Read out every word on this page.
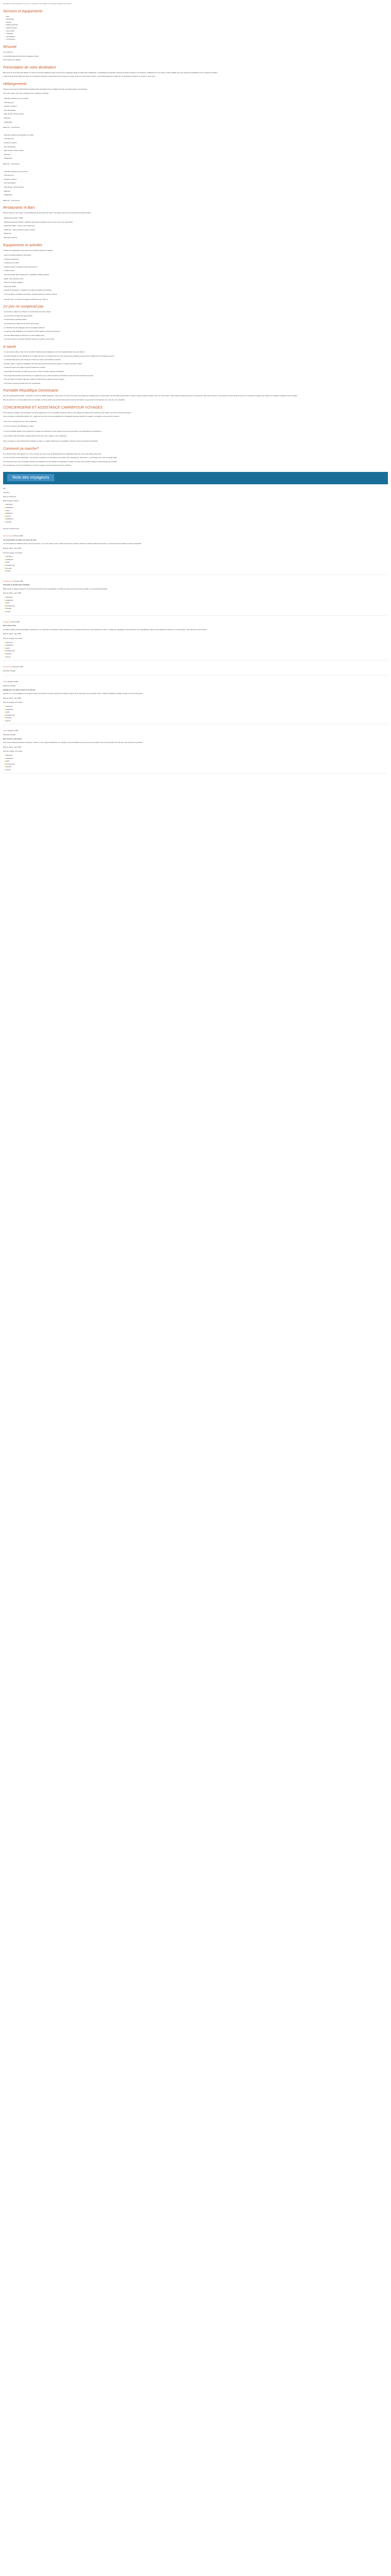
Description Ce joli campanel / Ce prix en comparé au Formalités Conciergerie Liguthieu Auto Client
Services et équipements
✓ Wifi
✓ Restaurant
✓ Piscine
✓ Parking extérieur
✓ Salle de fitness
✓ Club enfant
✓ Télévision
✓ Climatisation
✓ Conciergerie
Résumé

Les 3 piscines

La très belle plage de Dominicus à quelques mètres

Hotel réservé aux adultes

Présentation de votre destination

Bienvenue au Viva Dominicus Beach, un hôtel tout compris idéalement situé au bord d'une magnifique plage de sable blanc à Bayahibe, en République Dominicaine. Entouré de jardins tropicaux et de palmiers, l'établissement vous offre un cadre paisible pour des vacances inoubliables sous le soleil des Caraïbes.

L'hôtel Viva Dominicus Beach propose de nombreuses activités et animations tout au long de la journée. Dans un environnement calme, c'est l'endroit idéal pour profiter de vos prochaines vacances en couple ou entre amis.

Hébergements

L'hôtel est composé de 295 chambres réparties dans des bâtiments de 3 étages entourés d'un jardin arboré et de palmiers.

Pour votre séjour, nous avons sélectionné les chambres suivantes :

- Chambre standard vue sur le jardin :

- 2 lits king size

- terrasse ou balcon

- wifi, climatisation

- salle de bain, sèche-cheveux

- télévision

- réfrigérateur

Maximum : 3 personnes

- Chambre standard vue partielle sur l'océan :

- 2 lits king size

- terrasse ou balcon

- wifi, climatisation

- salle de bain, sèche-cheveux

- télévision

- réfrigérateur

Maximum : 3 personnes

- Chambre standard vue sur l'océan :

- 2 lits king size

- terrasse ou balcon

- wifi, climatisation

- salle de bain, sèche-cheveux

- télévision

- réfrigérateur

Maximum : 2 personnes

Restaurants et Bars

Dans le cadre de votre séjour, vous bénéficierez de la formule tout inclus. Vos repas seront pris au restaurant principal de l'hôtel.

- Restaurant principal : Buffet

- Restaurant japonais Teriyaki : dégustez des saveurs asiatiques avec vue sur la mer (sur réservation)

- Restaurant italien : ouvert le soir uniquement

- Snack-bar : Snack, boissons, glaces, burgers

- Beach bar

- Bar dans la piscine

Equipements et activités

L'hôtel met à disposition de ses clients de nombreux services et activités :

- accès à la plage publique de Dominicus

- 3 piscines extérieures

- 1 piscine pour enfants

- Chaises longues et parasols autour des piscines

- 1 salle de sport

- club de plongée (avec supplément) : possibilité d'initiation gratuite

- kayak, voile, planche à voile

- séances de Yoga, aquagym...

- Ping pong, billard

- Activités et animations : programme complet accessible à la réception

- Cours de danse, cocktails et de cuisine, activités sportives et soirées à thème

- Nouvelle zone, en retrait de la plage de Dominicus (env. 400 m)

Ce prix ne comprend pas

- Les boissons, déjeuners et dîners non inclus dans la formule choisie

- Les excursions et dépenses personnelles

- Les assurances supplémentaires

- Les pourboires et dépenses de nature personnelle

- Le transfert hors des bagages selon la compagnie aérienne

- Le taxe de sortie obligatoire d'un montant de 25 $ à régler sur place par personne

- Les frais d'ESTA (dans le cadre d'un vol via les Etats-Unis)

- Les frais de carte de tourisme (10 $ par personne) à régler à votre arrivée

A savoir

- Si vous partez seul(e), notre prix en chambre individuelle sera obligatoire et un coût supplémentaire vous sera facturé.

- Les tarifs indiqués ont été calculés pour un départ de Paris. Les horaires des vols sont donnés à titre indicatif et peuvent être modifiés par la compagnie aérienne.

- Le transfert aller-retour entre l'aéroport et l'hôtel est inclus, sauf indication contraire.

- En basse saison, certaines installations de l'hôtel peuvent être fermées pour travaux et certaines activités réduites.

- La taxe de séjour est à régler sur place directement à l'hôtel.

- Les prestations fournies par l'hôtel ne pourront en aucun cas faire l'objet de réclamation.

- Pour la période des fêtes de fin d'année, un supplément pour le dîner de Noël et du Réveillon pourra vous être demandé sur place.

- Pour les séjours en famille, l'âge des enfants est déterminé à la date de retour du séjour.

- Les photos et textes présentés sont non contractuels.

Formalité République Dominicaine

Pour les ressortissants français : passeport en cours de validité obligatoire. Toute entrée ou sortie du territoire dominicain est conditionnée à la présentation d'un formulaire électronique à remplir en ligne (e-ticket). Rendez-vous sur le site officiel : https://eticket.migracion.gob.do/ et présentez le QR code à l'arrivée. Il est fortement recommandé de prévoir une assurance voyage et de vérifier les conditions sanitaires avant le départ.

Dans le cadre d'un vol via les Etats-Unis ou le Canada, merci de vérifier que le transit est autorisé. Aucune information ne pourra être communiquée à ce sujet par nos conseillers.

CONCIERGERIE ET ASSISTANCE CARREFOUR VOYAGES

Avec Carrefour Voyages vous bénéficiez d'un accompagnement de nos conseillers depuis la veille de votre départ et pendant toute la durée de votre séjour, un service entièrement gratuit !

Votre concierge est disponible 24h/24, 7j/7, uniquement par chat, via votre application de messagerie sécurisée Carrefour Voyages, sur laquelle vous pouvez le contacter :

» Pour toute renseignement sur votre programme

» Si vous rencontrez des difficultés sur place

» Si vous souhaitez ajouter votre programme ou ajouter des éléments à votre voyage (comme des excursions, des réservations de restaurants...)

» Pour obtenir toute information supplémentaire concernant votre voyage et votre destination

Votre concierge est votre interlocuteur privilégié sur place, en relation directe avec le prestataire et l'hôtel et avec la centrale de réservation.

Comment ça marche?

Une semaine avant votre départ (J-7), vous recevrez par mail, le lien de téléchargement de l'application ainsi que votre code d'accès personnel.

Une fois connecté à votre application, vous pourrez renseigner vos informations de voyage (vols, hébergement, documents...) et échanger avec votre concierge dédié.

La conversation avec votre concierge s'archive à la réalisation de votre départ sur l'application de façon à ce que votre prochain voyage soit aussi simple que possible.

Une nouvelle fois, nous vous souhaitons un très bon voyage et vous remercions de votre confiance.

Note des voyageurs

4.3

Très bien

Noté sur 4144 Avis

2025 Travelers Choice

● Chambres
● Qualité/prix
● Literie
● Chambres
● Service
● Qualité/prix
● Propreté

Voté les 5 derniers avis

Annonymous 14 février 2025

Je recommande cet hôtel et le séjour de rêve.

Je recommande cet établissement et tout le personnel. Il n'y a rien d'autre à dire. L'hôtel est très bien entretenu. Parmi les meilleurs hôtels de la région. Le personnel est accueillant et toujours disponible.

Date de séjour : janv 2025

Type de voyage : En famille

● Chambres
● Qualité/prix
● Literie
● Emplacement
● Propreté
● Service

Jamaica Lover 6 février 2025

Charmant et extrêmement tranquille

Belle piscine et plage de sable fin, le personnel de l'hôtel est très sympathique. Le buffet est varié et tout est de bonne qualité. Je reviendrai sans hésiter.

Date de séjour : janv 2025

● Chambres
● Qualité/prix
● Literie
● Emplacement
● Propreté
● Service

Voyageur 2 février 2025

Nous étions ravis

Un séjour parfait, personnel agréable et attentionné. Les chambres sont propres et bien entretenues. La nourriture était bonne, avec beaucoup de choix. La plage est magnifique et les animations très sympathiques. Merci à toute l'équipe de l'hôtel pour ce beau séjour, nous espérons revenir bientôt.

Date de séjour : janv 2025

Type de voyage : En couple

● Chambres
● Qualité/prix
● Literie
● Emplacement
● Propreté
● Service

Annonymous 30 janvier 2025

Montréal, Canada

Claire 28 janvier 2025

Montréal, Canada

Bataille pour les places autour de la piscine

Attention ! Il y a une bataille pour les places autour de la piscine, les gens réservent les chaises longues tôt le matin avec leurs serviettes. Sinon, l'hôtel est agréable, la plage est belle et le personnel gentil.

Date de séjour : janv 2025

Type de voyage : En couple

● Chambres
● Qualité/prix
● Literie
● Emplacement
● Propreté
● Service

Claire 26 janvier 2025

Montréal, Canada

Des vacances reposantes

Nous avons passé d'excellentes vacances. L'hôtel a un bon rapport qualité/prix, les chambres sont confortables et le personnel est serviable. Nous recommandons cet hôtel pour des vacances reposantes.

Date de séjour : janv 2025

Type de voyage : En couple

● Chambres
● Qualité/prix
● Literie
● Emplacement
● Propreté
● Service
